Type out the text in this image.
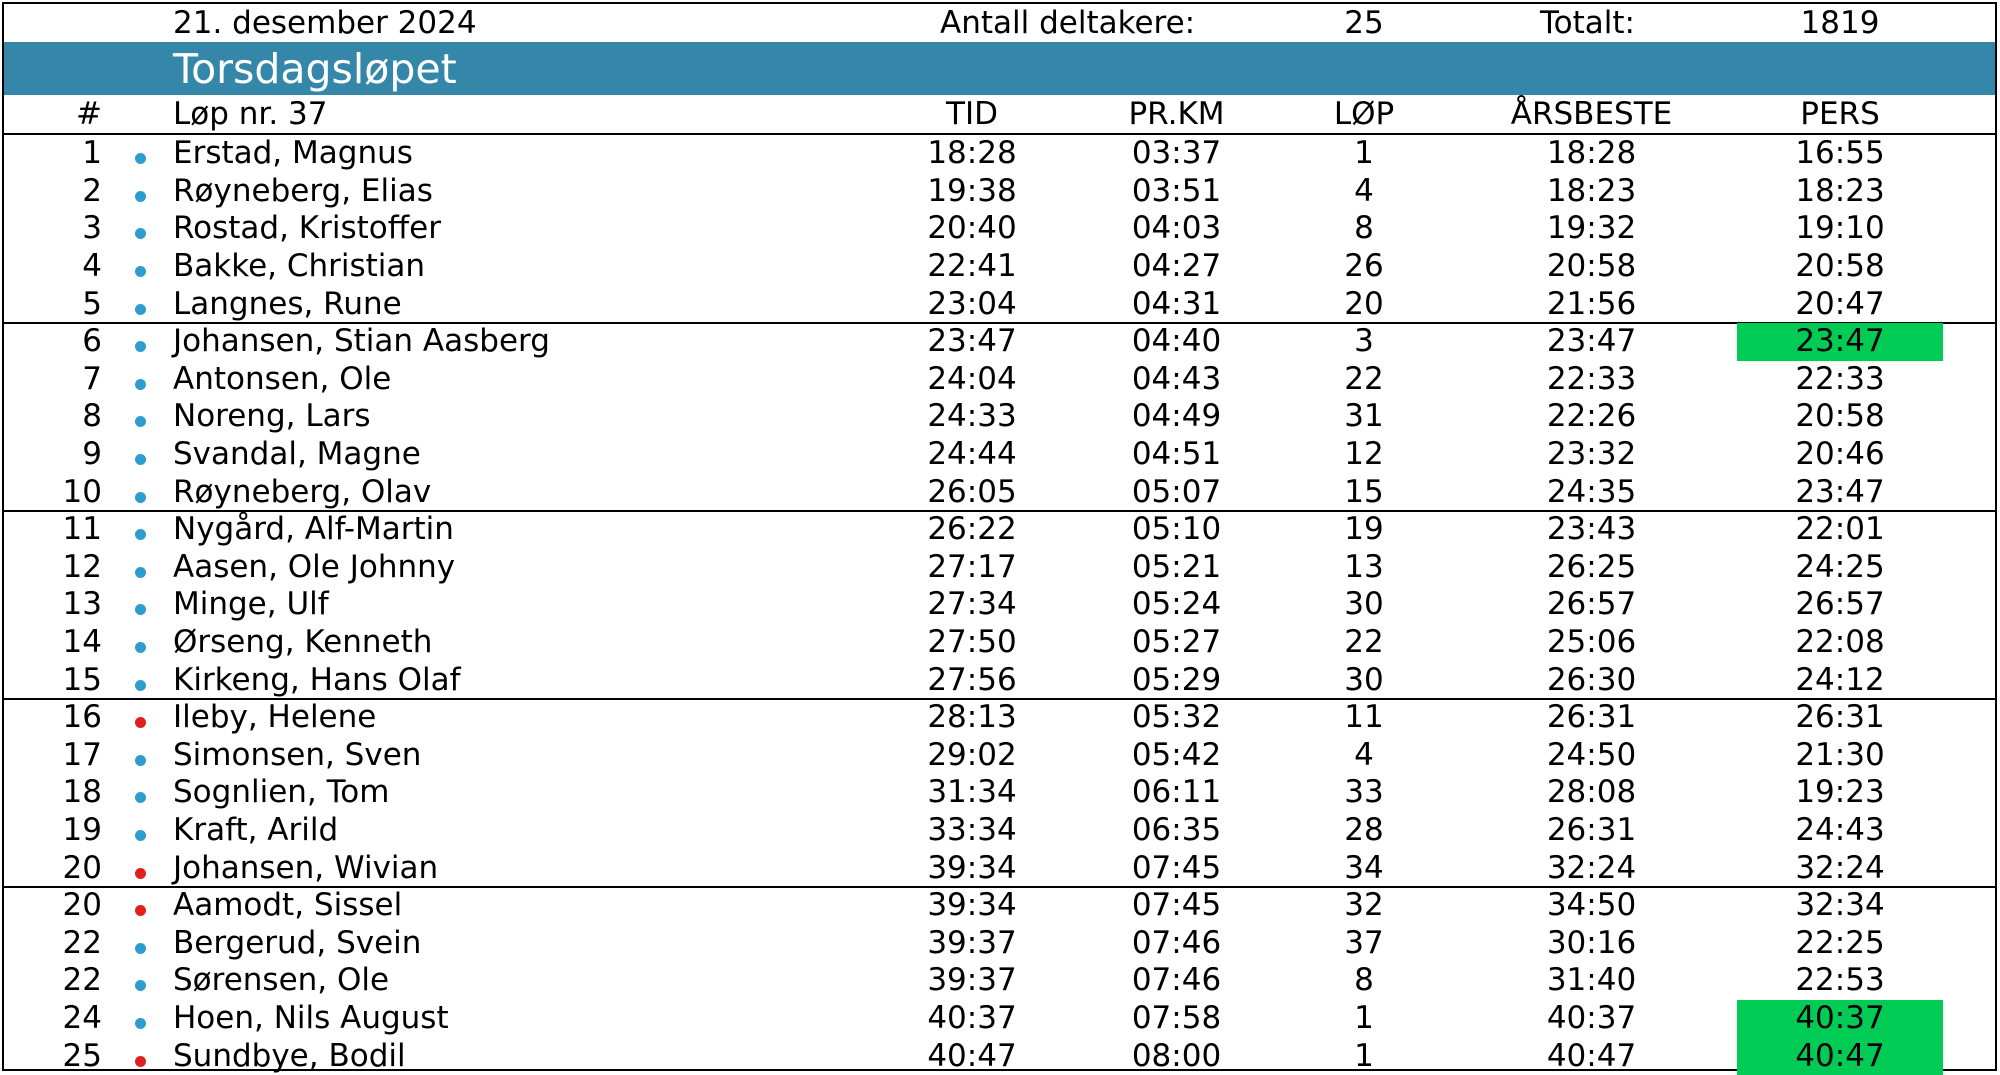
21. desember 2024	Antall deltakere:	25	Totalt:	1819
Torsdagsløpet
# Løp nr. 37	TID	PR.KM	LØP	ÅRSBESTE	PERS
1 Erstad, Magnus	18:28	03:37	1	18:28	16:55
2 Røyneberg, Elias	19:38	03:51	4	18:23	18:23
3 Rostad, Kristoffer	20:40	04:03	8	19:32	19:10
4 Bakke, Christian	22:41	04:27	26	20:58	20:58
5 Langnes, Rune	23:04	04:31	20	21:56	20:47
6 Johansen, Stian Aasberg	23:47	04:40	3	23:47	23:47
7 Antonsen, Ole	24:04	04:43	22	22:33	22:33
8 Noreng, Lars	24:33	04:49	31	22:26	20:58
9 Svandal, Magne	24:44	04:51	12	23:32	20:46
10 Røyneberg, Olav	26:05	05:07	15	24:35	23:47
11 Nygård, Alf-Martin	26:22	05:10	19	23:43	22:01
12 Aasen, Ole Johnny	27:17	05:21	13	26:25	24:25
13 Minge, Ulf	27:34	05:24	30	26:57	26:57
14 Ørseng, Kenneth	27:50	05:27	22	25:06	22:08
15 Kirkeng, Hans Olaf	27:56	05:29	30	26:30	24:12
16 Ileby, Helene	28:13	05:32	11	26:31	26:31
17 Simonsen, Sven	29:02	05:42	4	24:50	21:30
18 Sognlien, Tom	31:34	06:11	33	28:08	19:23
19 Kraft, Arild	33:34	06:35	28	26:31	24:43
20 Johansen, Wivian	39:34	07:45	34	32:24	32:24
20 Aamodt, Sissel	39:34	07:45	32	34:50	32:34
22 Bergerud, Svein	39:37	07:46	37	30:16	22:25
22 Sørensen, Ole	39:37	07:46	8	31:40	22:53
24 Hoen, Nils August	40:37	07:58	1	40:37	40:37
25 Sundbye, Bodil	40:47	08:00	1	40:47	40:47
